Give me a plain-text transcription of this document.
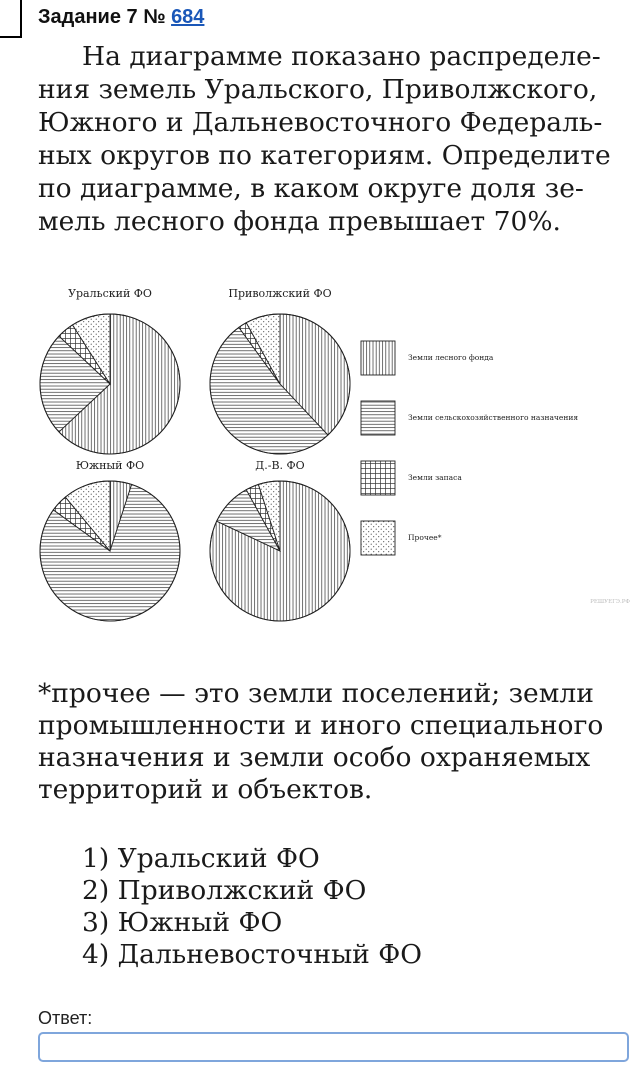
Задание 7 № 684
На диаграмме показано распределе-
ния земель Уральского, Приволжского,
Южного и Дальневосточного Федераль-
ных округов по категориям. Определите
по диаграмме, в каком округе доля зе-
мель лесного фонда превышает 70%.
Уральский ФО	Приволжский ФО
Южный ФО	Д.-В. ФО
Земли лесного фонда
Земли сельскохозяйственного назначения
Земли запаса
Прочее*
РЕШУЕГЭ.РФ
*прочее — это земли поселений; земли
промышленности и иного специального
назначения и земли особо охраняемых
территорий и объектов.
1) Уральский ФО
2) Приволжский ФО
3) Южный ФО
4) Дальневосточный ФО
Ответ:
